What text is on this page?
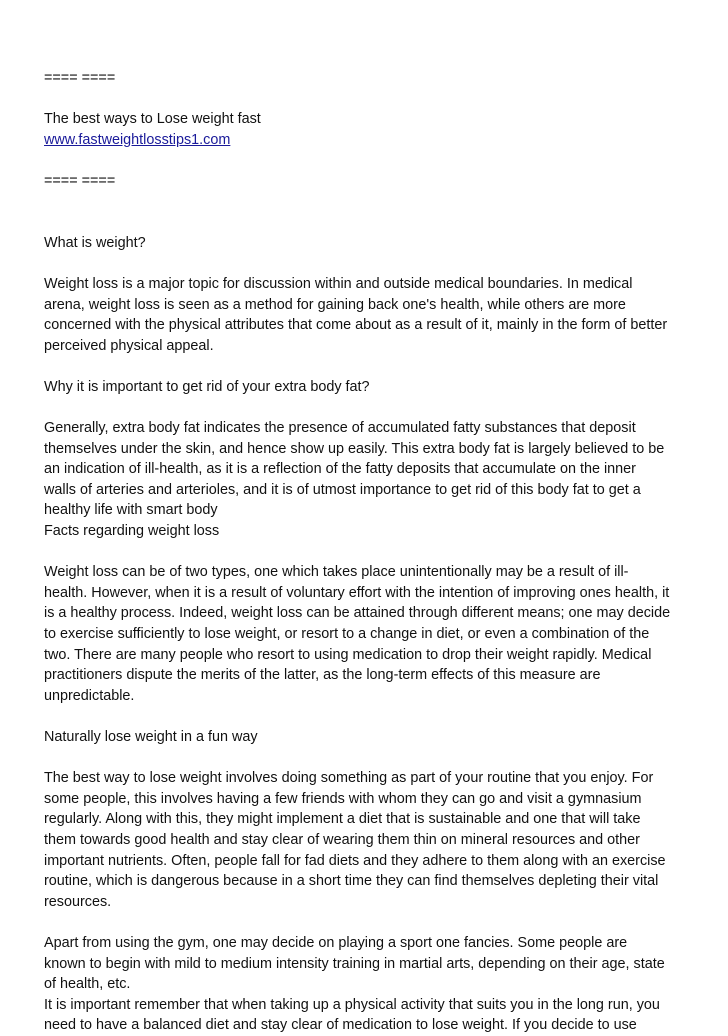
==== ====
The best ways to Lose weight fast
www.fastweightlosstips1.com
==== ====
What is weight?

Weight loss is a major topic for discussion within and outside medical boundaries. In medical
arena, weight loss is seen as a method for gaining back one's health, while others are more
concerned with the physical attributes that come about as a result of it, mainly in the form of better
perceived physical appeal.

Why it is important to get rid of your extra body fat?

Generally, extra body fat indicates the presence of accumulated fatty substances that deposit
themselves under the skin, and hence show up easily. This extra body fat is largely believed to be
an indication of ill-health, as it is a reflection of the fatty deposits that accumulate on the inner
walls of arteries and arterioles, and it is of utmost importance to get rid of this body fat to get a
healthy life with smart body

Facts regarding weight loss

Weight loss can be of two types, one which takes place unintentionally may be a result of ill-
health. However, when it is a result of voluntary effort with the intention of improving ones health, it
is a healthy process. Indeed, weight loss can be attained through different means; one may decide
to exercise sufficiently to lose weight, or resort to a change in diet, or even a combination of the
two. There are many people who resort to using medication to drop their weight rapidly. Medical
practitioners dispute the merits of the latter, as the long-term effects of this measure are
unpredictable.

Naturally lose weight in a fun way

The best way to lose weight involves doing something as part of your routine that you enjoy. For
some people, this involves having a few friends with whom they can go and visit a gymnasium
regularly. Along with this, they might implement a diet that is sustainable and one that will take
them towards good health and stay clear of wearing them thin on mineral resources and other
important nutrients. Often, people fall for fad diets and they adhere to them along with an exercise
routine, which is dangerous because in a short time they can find themselves depleting their vital
resources.

Apart from using the gym, one may decide on playing a sport one fancies. Some people are
known to begin with mild to medium intensity training in martial arts, depending on their age, state
of health, etc.

It is important remember that when taking up a physical activity that suits you in the long run, you
need to have a balanced diet and stay clear of medication to lose weight. If you decide to use
